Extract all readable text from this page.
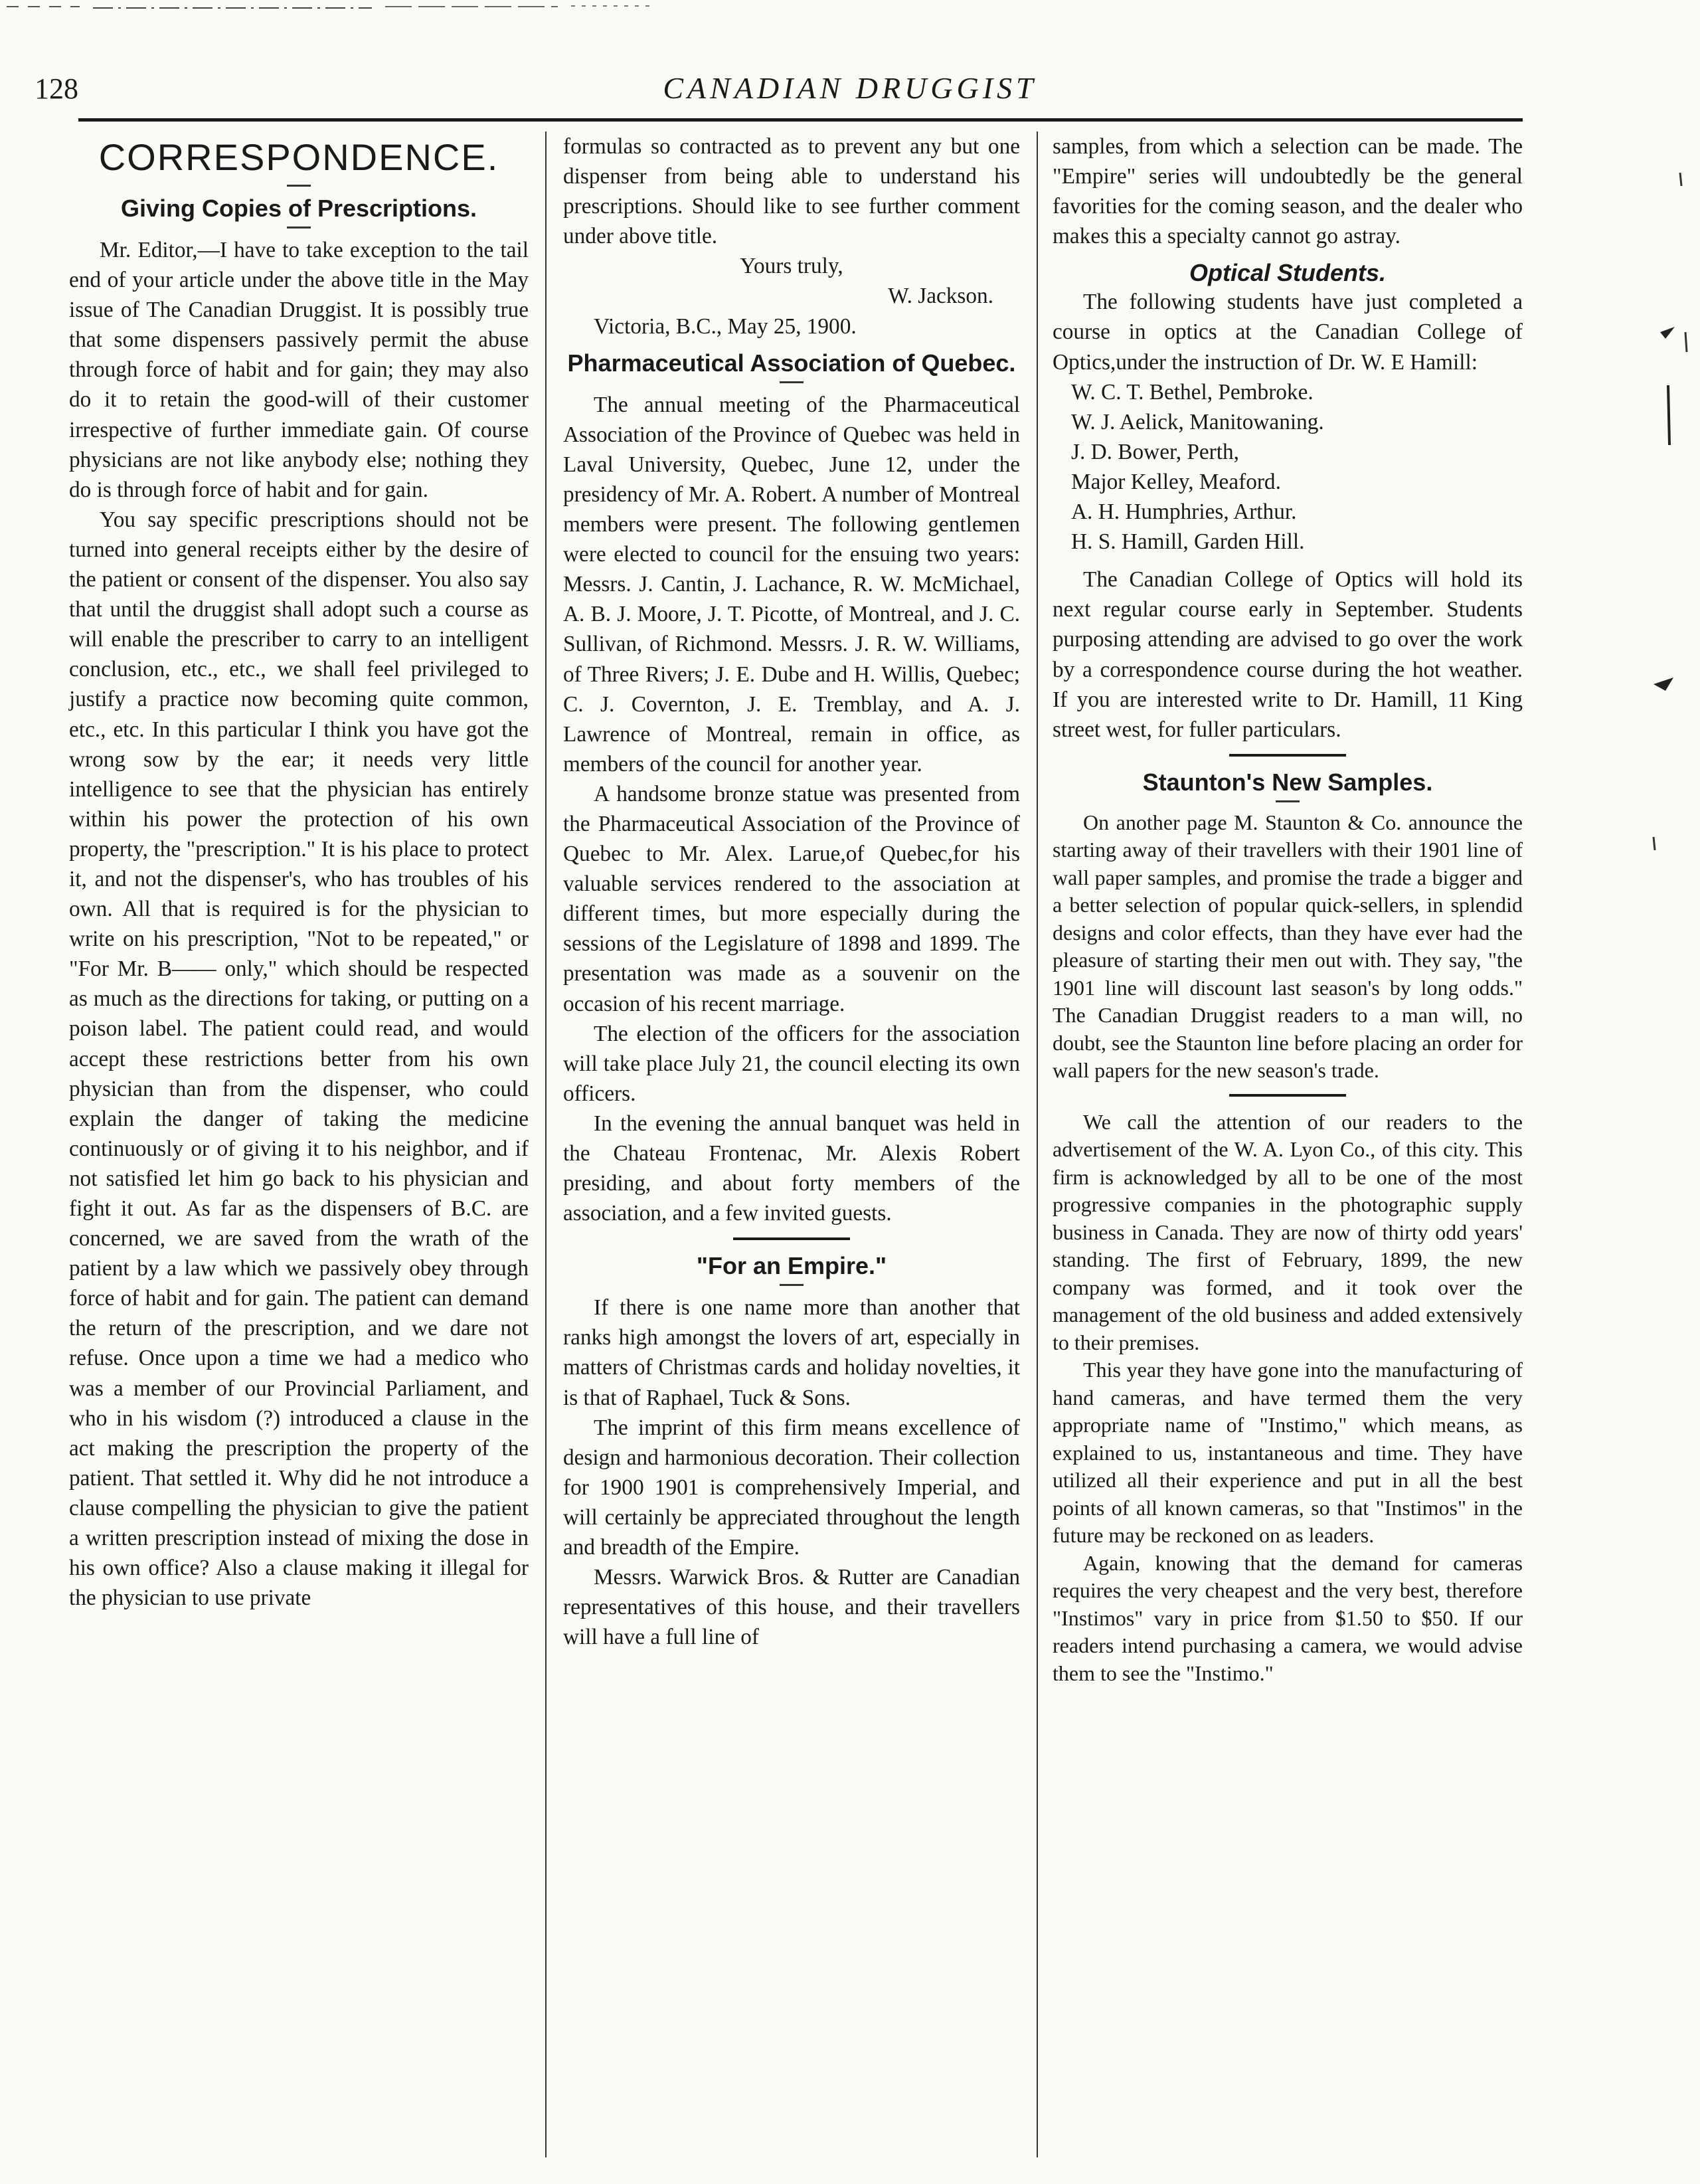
128	CANADIAN DRUGGIST
CORRESPONDENCE.
Giving Copies of Prescriptions.

Mr. Editor,—I have to take exception to the tail end of your article under the above title in the May issue of The Canadian Druggist. It is possibly true that some dispensers passively permit the abuse through force of habit and for gain; they may also do it to retain the good-will of their customer irrespective of further immediate gain. Of course physicians are not like anybody else; nothing they do is through force of habit and for gain.

You say specific prescriptions should not be turned into general receipts either by the desire of the patient or consent of the dispenser. You also say that until the druggist shall adopt such a course as will enable the prescriber to carry to an intelligent conclusion, etc., etc., we shall feel privileged to justify a practice now becoming quite common, etc., etc. In this particular I think you have got the wrong sow by the ear; it needs very little intelligence to see that the physician has entirely within his power the protection of his own property, the "prescription." It is his place to protect it, and not the dispenser's, who has troubles of his own. All that is required is for the physician to write on his prescription, "Not to be repeated," or "For Mr. B—— only," which should be respected as much as the directions for taking, or putting on a poison label. The patient could read, and would accept these restrictions better from his own physician than from the dispenser, who could explain the danger of taking the medicine continuously or of giving it to his neighbor, and if not satisfied let him go back to his physician and fight it out. As far as the dispensers of B.C. are concerned, we are saved from the wrath of the patient by a law which we passively obey through force of habit and for gain. The patient can demand the return of the prescription, and we dare not refuse. Once upon a time we had a medico who was a member of our Provincial Parliament, and who in his wisdom (?) introduced a clause in the act making the prescription the property of the patient. That settled it. Why did he not introduce a clause compelling the physician to give the patient a written prescription instead of mixing the dose in his own office? Also a clause making it illegal for the physician to use private

formulas so contracted as to prevent any but one dispenser from being able to understand his prescriptions. Should like to see further comment under above title.

Yours truly,
W. Jackson.

Victoria, B.C., May 25, 1900.

Pharmaceutical Association of Quebec.

The annual meeting of the Pharmaceutical Association of the Province of Quebec was held in Laval University, Quebec, June 12, under the presidency of Mr. A. Robert. A number of Montreal members were present. The following gentlemen were elected to council for the ensuing two years: Messrs. J. Cantin, J. Lachance, R. W. McMichael, A. B. J. Moore, J. T. Picotte, of Montreal, and J. C. Sullivan, of Richmond. Messrs. J. R. W. Williams, of Three Rivers; J. E. Dube and H. Willis, Quebec; C. J. Covernton, J. E. Tremblay, and A. J. Lawrence of Montreal, remain in office, as members of the council for another year.

A handsome bronze statue was presented from the Pharmaceutical Association of the Province of Quebec to Mr. Alex. Larue,of Quebec,for his valuable services rendered to the association at different times, but more especially during the sessions of the Legislature of 1898 and 1899. The presentation was made as a souvenir on the occasion of his recent marriage.

The election of the officers for the association will take place July 21, the council electing its own officers.

In the evening the annual banquet was held in the Chateau Frontenac, Mr. Alexis Robert presiding, and about forty members of the association, and a few invited guests.

"For an Empire."

If there is one name more than another that ranks high amongst the lovers of art, especially in matters of Christmas cards and holiday novelties, it is that of Raphael, Tuck & Sons.

The imprint of this firm means excellence of design and harmonious decoration. Their collection for 1900 1901 is comprehensively Imperial, and will certainly be appreciated throughout the length and breadth of the Empire.

Messrs. Warwick Bros. & Rutter are Canadian representatives of this house, and their travellers will have a full line of

samples, from which a selection can be made. The "Empire" series will undoubtedly be the general favorities for the coming season, and the dealer who makes this a specialty cannot go astray.

Optical Students.

The following students have just completed a course in optics at the Canadian College of Optics,under the instruction of Dr. W. E Hamill:

W. C. T. Bethel, Pembroke.

W. J. Aelick, Manitowaning.

J. D. Bower, Perth,

Major Kelley, Meaford.

A. H. Humphries, Arthur.

H. S. Hamill, Garden Hill.

The Canadian College of Optics will hold its next regular course early in September. Students purposing attending are advised to go over the work by a correspondence course during the hot weather. If you are interested write to Dr. Hamill, 11 King street west, for fuller particulars.

Staunton's New Samples.

On another page M. Staunton & Co. announce the starting away of their travellers with their 1901 line of wall paper samples, and promise the trade a bigger and a better selection of popular quick-sellers, in splendid designs and color effects, than they have ever had the pleasure of starting their men out with. They say, "the 1901 line will discount last season's by long odds." The Canadian Druggist readers to a man will, no doubt, see the Staunton line before placing an order for wall papers for the new season's trade.

We call the attention of our readers to the advertisement of the W. A. Lyon Co., of this city. This firm is acknowledged by all to be one of the most progressive companies in the photographic supply business in Canada. They are now of thirty odd years' standing. The first of February, 1899, the new company was formed, and it took over the management of the old business and added extensively to their premises.

This year they have gone into the manufacturing of hand cameras, and have termed them the very appropriate name of "Instimo," which means, as explained to us, instantaneous and time. They have utilized all their experience and put in all the best points of all known cameras, so that "Instimos" in the future may be reckoned on as leaders.

Again, knowing that the demand for cameras requires the very cheapest and the very best, therefore "Instimos" vary in price from $1.50 to $50. If our readers intend purchasing a camera, we would advise them to see the "Instimo."
